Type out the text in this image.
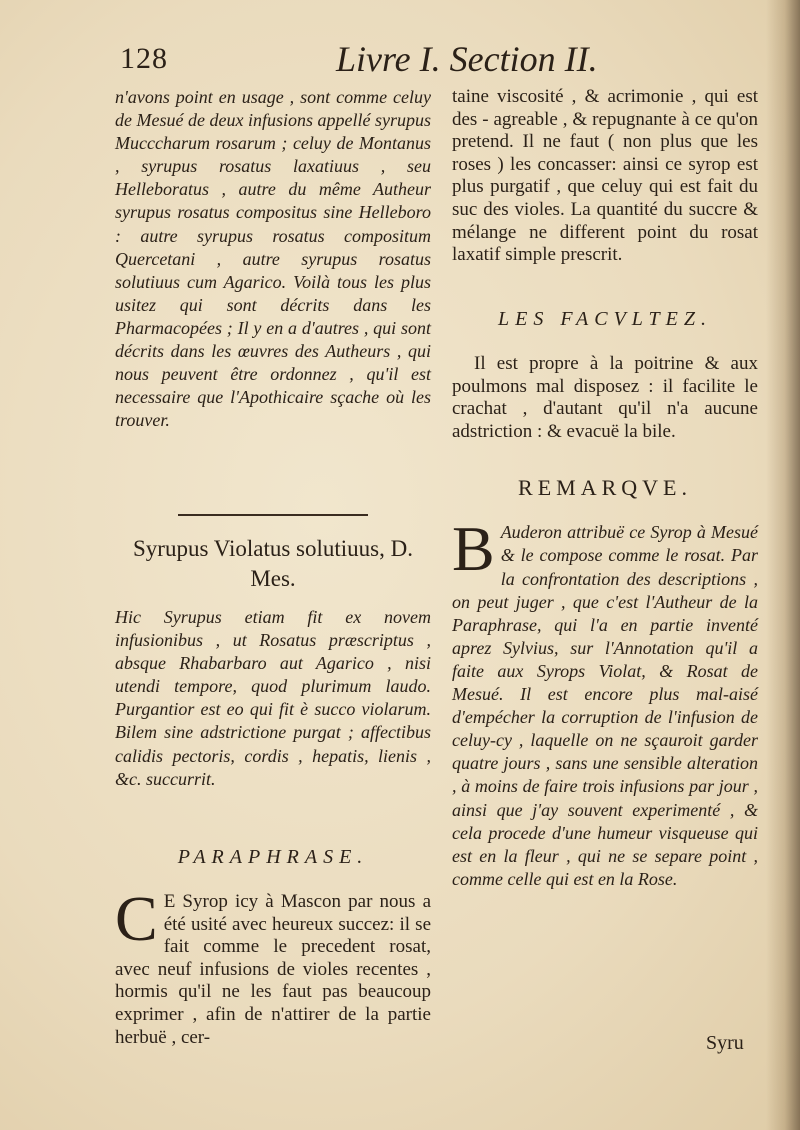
128	Livre I. Section II.
n'avons point en usage , sont comme celuy de Mesué de deux infusions appellé syrupus Mucccharum rosarum ; celuy de Montanus , syrupus rosatus laxatiuus , seu Helleboratus , autre du même Autheur syrupus rosatus compositus sine Helleboro : autre syrupus rosatus compositum Quercetani , autre syrupus rosatus solutiuus cum Agarico. Voilà tous les plus usitez qui sont décrits dans les Pharmacopées ; Il y en a d'autres , qui sont décrits dans les œuvres des Autheurs , qui nous peuvent être ordonnez , qu'il est necessaire que l'Apothicaire sçache où les trouver.
Syrupus Violatus solutiuus, D. Mes.
Hic Syrupus etiam fit ex novem infusionibus , ut Rosatus præscriptus , absque Rhabarbaro aut Agarico , nisi utendi tempore, quod plurimum laudo. Purgantior est eo qui fit è succo violarum. Bilem sine adstrictione purgat ; affectibus calidis pectoris, cordis , hepatis, lienis , &c. succurrit.
PARAPHRASE.
C E Syrop icy à Mascon par nous a été usité avec heureux succez: il se fait comme le precedent rosat, avec neuf infusions de violes recentes , hormis qu'il ne les faut pas beaucoup exprimer , afin de n'attirer de la partie herbuë , cer-
taine viscosité , & acrimonie , qui est des - agreable , & repugnante à ce qu'on pretend. Il ne faut ( non plus que les roses ) les concasser: ainsi ce syrop est plus purgatif , que celuy qui est fait du suc des violes. La quantité du succre & mélange ne different point du rosat laxatif simple prescrit.
LES FACVLTEZ.
Il est propre à la poitrine & aux poulmons mal disposez : il facilite le crachat , d'autant qu'il n'a aucune adstriction : & evacuë la bile.
REMARQVE.
B Auderon attribuë ce Syrop à Mesué & le compose comme le rosat. Par la confrontation des descriptions , on peut juger , que c'est l'Autheur de la Paraphrase, qui l'a en partie inventé aprez Sylvius, sur l'Annotation qu'il a faite aux Syrops Violat, & Rosat de Mesué. Il est encore plus mal-aisé d'empécher la corruption de l'infusion de celuy-cy , laquelle on ne sçauroit garder quatre jours , sans une sensible alteration , à moins de faire trois infusions par jour , ainsi que j'ay souvent experimenté , & cela procede d'une humeur visqueuse qui est en la fleur , qui ne se separe point , comme celle qui est en la Rose.
Syru
